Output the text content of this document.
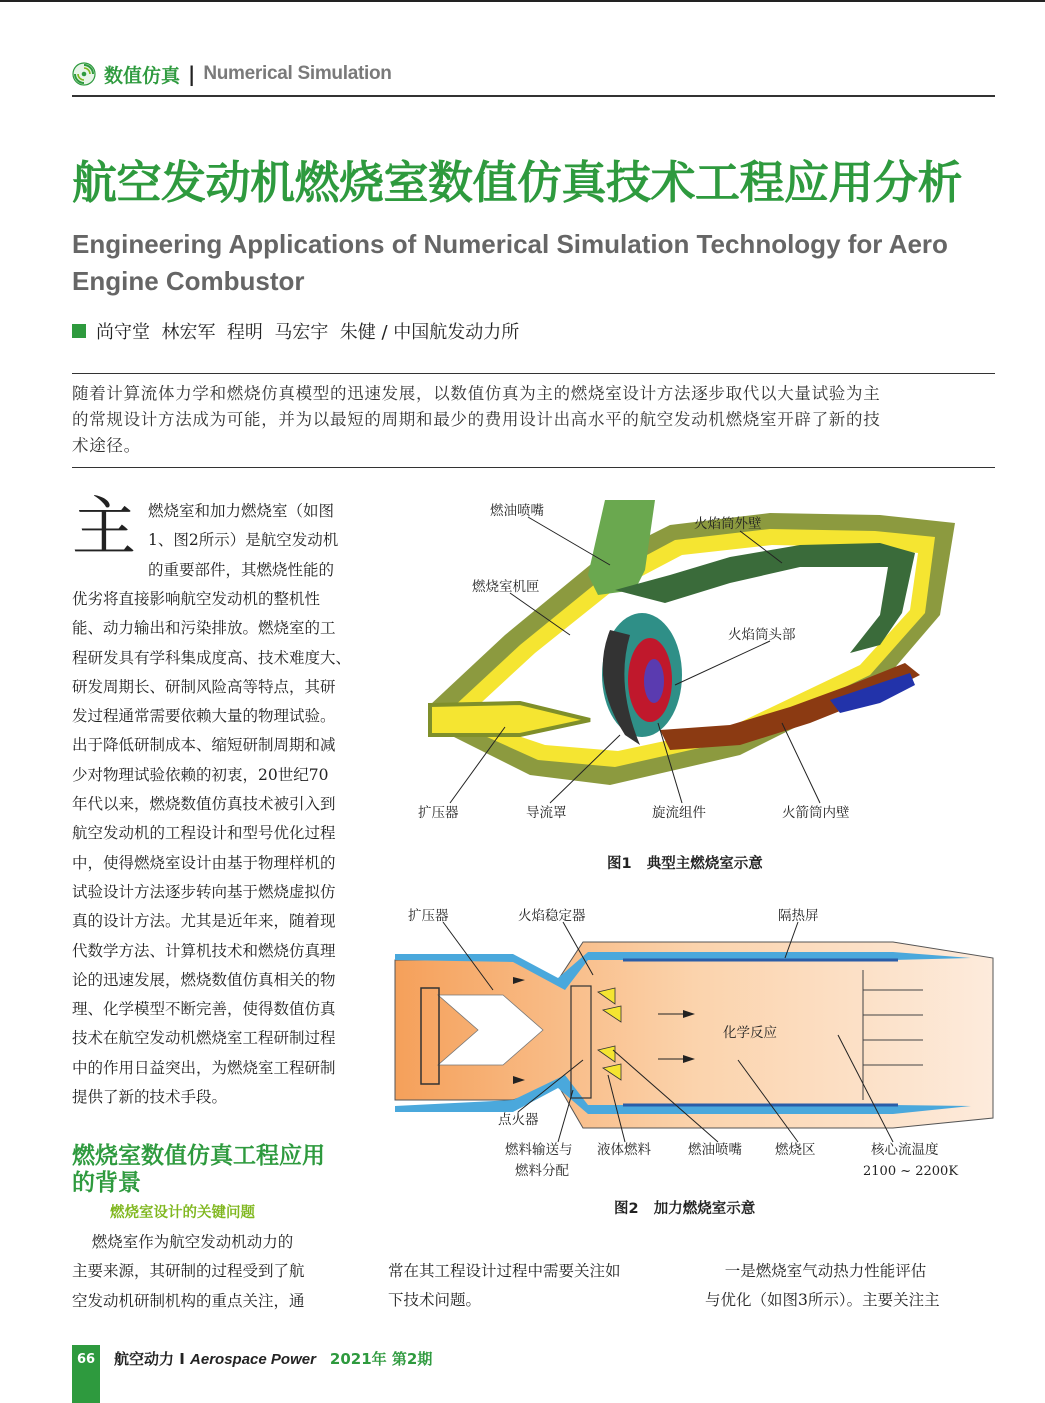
数值仿真 | Numerical Simulation
航空发动机燃烧室数值仿真技术工程应用分析
Engineering Applications of Numerical Simulation Technology for Aero
Engine Combustor
尚守堂  林宏军  程明  马宏宇  朱健 / 中国航发动力所
随着计算流体力学和燃烧仿真模型的迅速发展，以数值仿真为主的燃烧室设计方法逐步取代以大量试验为主
的常规设计方法成为可能，并为以最短的周期和最少的费用设计出高水平的航空发动机燃烧室开辟了新的技
术途径。
主 燃烧室和加力燃烧室（如图
1、图2所示）是航空发动机
的重要部件，其燃烧性能的
优劣将直接影响航空发动机的整机性
能、动力输出和污染排放。燃烧室的工
程研发具有学科集成度高、技术难度大、
研发周期长、研制风险高等特点，其研
发过程通常需要依赖大量的物理试验。
出于降低研制成本、缩短研制周期和减
少对物理试验依赖的初衷，20世纪70
年代以来，燃烧数值仿真技术被引入到
航空发动机的工程设计和型号优化过程
中，使得燃烧室设计由基于物理样机的
试验设计方法逐步转向基于燃烧虚拟仿
真的设计方法。尤其是近年来，随着现
代数学方法、计算机技术和燃烧仿真理
论的迅速发展，燃烧数值仿真相关的物
理、化学模型不断完善，使得数值仿真
技术在航空发动机燃烧室工程研制过程
中的作用日益突出，为燃烧室工程研制
提供了新的技术手段。
燃烧室数值仿真工程应用
的背景
燃烧室设计的关键问题
燃烧室作为航空发动机动力的
主要来源，其研制的过程受到了航
空发动机研制机构的重点关注，通
常在其工程设计过程中需要关注如
下技术问题。
一是燃烧室气动热力性能评估
与优化（如图3所示）。主要关注主
燃油喷嘴
火焰筒外壁
燃烧室机匣
火焰筒头部
扩压器	导流罩	旋流组件	火箭筒内壁
图1   典型主燃烧室示意
扩压器	火焰稳定器	隔热屏
化学反应
点火器
燃料输送与
燃料分配
液体燃料	燃油喷嘴 燃烧区	核心流温度
2100 ~ 2200K
图2   加力燃烧室示意
66	航空动力 I Aerospace Power 2021年 第2期
